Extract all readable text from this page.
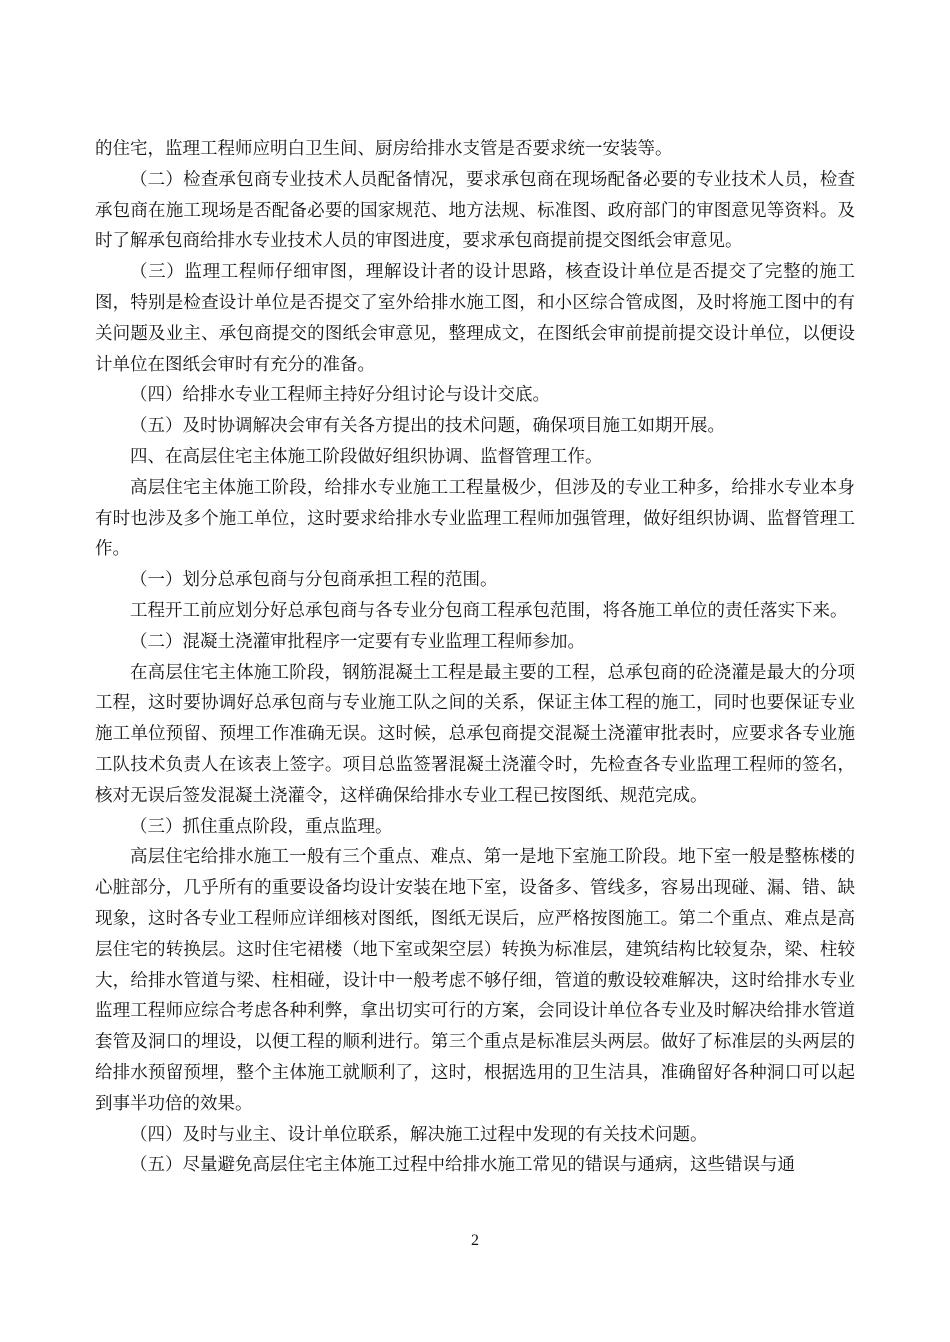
的住宅，监理工程师应明白卫生间、厨房给排水支管是否要求统一安装等。

（二）检查承包商专业技术人员配备情况，要求承包商在现场配备必要的专业技术人员，检查承包商在施工现场是否配备必要的国家规范、地方法规、标准图、政府部门的审图意见等资料。及时了解承包商给排水专业技术人员的审图进度，要求承包商提前提交图纸会审意见。

（三）监理工程师仔细审图，理解设计者的设计思路，核查设计单位是否提交了完整的施工图，特别是检查设计单位是否提交了室外给排水施工图，和小区综合管成图，及时将施工图中的有关问题及业主、承包商提交的图纸会审意见，整理成文，在图纸会审前提前提交设计单位，以便设计单位在图纸会审时有充分的准备。

（四）给排水专业工程师主持好分组讨论与设计交底。

（五）及时协调解决会审有关各方提出的技术问题，确保项目施工如期开展。

四、在高层住宅主体施工阶段做好组织协调、监督管理工作。

高层住宅主体施工阶段，给排水专业施工工程量极少，但涉及的专业工种多，给排水专业本身有时也涉及多个施工单位，这时要求给排水专业监理工程师加强管理，做好组织协调、监督管理工作。

（一）划分总承包商与分包商承担工程的范围。

工程开工前应划分好总承包商与各专业分包商工程承包范围，将各施工单位的责任落实下来。

（二）混凝土浇灌审批程序一定要有专业监理工程师参加。

在高层住宅主体施工阶段，钢筋混凝土工程是最主要的工程，总承包商的砼浇灌是最大的分项工程，这时要协调好总承包商与专业施工队之间的关系，保证主体工程的施工，同时也要保证专业施工单位预留、预埋工作准确无误。这时候，总承包商提交混凝土浇灌审批表时，应要求各专业施工队技术负责人在该表上签字。项目总监签署混凝土浇灌令时，先检查各专业监理工程师的签名，核对无误后签发混凝土浇灌令，这样确保给排水专业工程已按图纸、规范完成。

（三）抓住重点阶段，重点监理。

高层住宅给排水施工一般有三个重点、难点、第一是地下室施工阶段。地下室一般是整栋楼的心脏部分，几乎所有的重要设备均设计安装在地下室，设备多、管线多，容易出现碰、漏、错、缺现象，这时各专业工程师应详细核对图纸，图纸无误后，应严格按图施工。第二个重点、难点是高层住宅的转换层。这时住宅裙楼（地下室或架空层）转换为标准层，建筑结构比较复杂，梁、柱较大，给排水管道与梁、柱相碰，设计中一般考虑不够仔细，管道的敷设较难解决，这时给排水专业监理工程师应综合考虑各种利弊，拿出切实可行的方案，会同设计单位各专业及时解决给排水管道套管及洞口的埋设，以便工程的顺利进行。第三个重点是标准层头两层。做好了标准层的头两层的给排水预留预埋，整个主体施工就顺利了，这时，根据选用的卫生洁具，准确留好各种洞口可以起到事半功倍的效果。

（四）及时与业主、设计单位联系，解决施工过程中发现的有关技术问题。

（五）尽量避免高层住宅主体施工过程中给排水施工常见的错误与通病，这些错误与通

2
